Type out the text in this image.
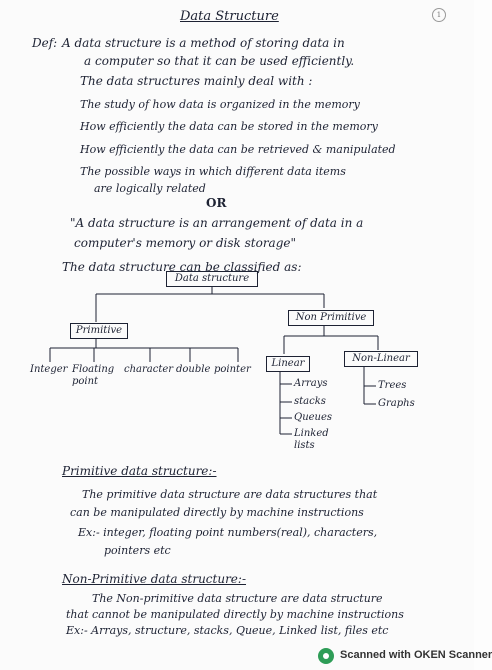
1
Data Structure
Def: A data structure is a method of storing data in
a computer so that it can be used efficiently.
The data structures mainly deal with :
The study of how data is organized in the memory
How efficiently the data can be stored in the memory
How efficiently the data can be retrieved & manipulated
The possible ways in which different data items
are logically related
OR
"A data structure is an arrangement of data in a
computer's memory or disk storage"
The data structure can be classified as:
Data structure
Primitive
Non Primitive
Linear	Non-Linear
Integer Floating point
character double pointer
Arrays
stacks
Queues
Linked lists
Trees
Graphs
Primitive data structure:-
The primitive data structure are data structures that
can be manipulated directly by machine instructions
Ex:- integer, floating point numbers(real), characters,
pointers etc
Non-Primitive data structure:-
The Non-primitive data structure are data structure
that cannot be manipulated directly by machine instructions
Ex:- Arrays, structure, stacks, Queue, Linked list, files etc
Scanned with OKEN Scanner
